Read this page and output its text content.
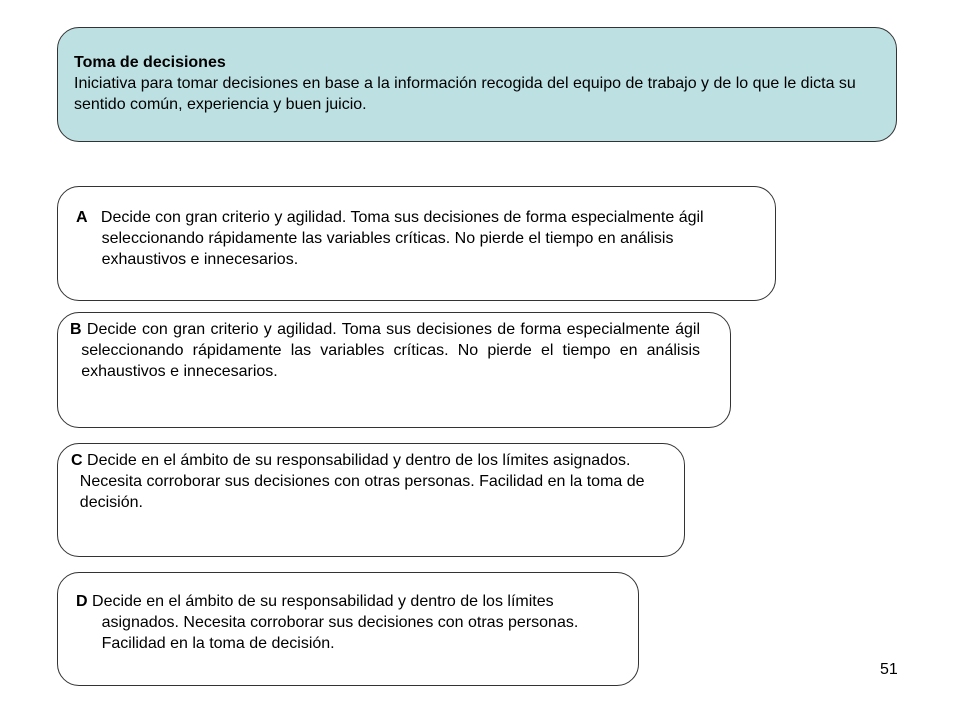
Toma de decisiones
Iniciativa para tomar decisiones en base a la información recogida del equipo de trabajo y de lo que le dicta su sentido común, experiencia y buen juicio.
A Decide con gran criterio y agilidad. Toma sus decisiones de forma especialmente ágil seleccionando rápidamente las variables críticas. No pierde el tiempo en análisis exhaustivos e innecesarios.
B Decide con gran criterio y agilidad. Toma sus decisiones de forma especialmente ágil seleccionando rápidamente las variables críticas. No pierde el tiempo en análisis exhaustivos e innecesarios.
C Decide en el ámbito de su responsabilidad y dentro de los límites asignados. Necesita corroborar sus decisiones con otras personas. Facilidad en la toma de decisión.
D Decide en el ámbito de su responsabilidad y dentro de los límites asignados. Necesita corroborar sus decisiones con otras personas. Facilidad en la toma de decisión.
51
